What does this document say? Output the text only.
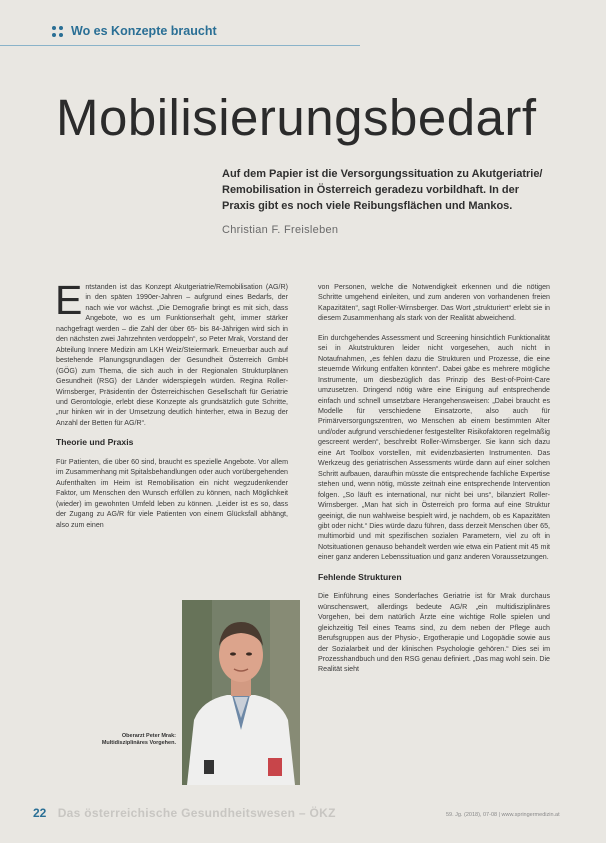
Wo es Konzepte braucht
Mobilisierungsbedarf
Auf dem Papier ist die Versorgungssituation zu Akutgeriatrie/ Remobilisation in Österreich geradezu vorbildhaft. In der Praxis gibt es noch viele Reibungsflächen und Mankos.
Christian F. Freisleben

Entstanden ist das Konzept Akutgeriatrie/Remobilisation (AG/R) in den späten 1990er-Jahren – aufgrund eines Bedarfs, der nach wie vor wächst. „Die Demografie bringt es mit sich, dass Angebote, wo es um Funktionserhalt geht, immer stärker nachgefragt werden – die Zahl der über 65- bis 84-Jährigen wird sich in den nächsten zwei Jahrzehnten verdoppeln“, so Peter Mrak, Vorstand der Abteilung Innere Medizin am LKH Weiz/Steiermark. Erneuerbar auch auf bestehende Planungsgrundlagen der Gesundheit Österreich GmbH (GÖG) zum Thema, die sich auch in der Regionalen Strukturplänen Gesundheit (RSG) der Länder widerspiegeln würden. Regina Roller-Wirnsberger, Präsidentin der Österreichischen Gesellschaft für Geriatrie und Gerontologie, erlebt diese Konzepte als grundsätzlich gute Schritte, „nur hinken wir in der Umsetzung deutlich hinterher, etwa in Bezug der Anzahl der Betten für AG/R“.

Theorie und Praxis

Für Patienten, die über 60 sind, braucht es spezielle Angebote. Vor allem im Zusammenhang mit Spitalsbehandlungen oder auch vorübergehenden Aufenthalten im Heim ist Remobilisation ein nicht wegzudenkender Faktor, um Menschen den Wunsch erfüllen zu können, nach Möglichkeit (wieder) im gewohnten Umfeld leben zu können. „Leider ist es so, dass der Zugang zu AG/R für viele Patienten von einem Glücksfall abhängt, also zum einen

Oberarzt Peter Mrak: Multidisziplinäres Vorgehen.

von Personen, welche die Notwendigkeit erkennen und die nötigen Schritte umgehend einleiten, und zum anderen von vorhandenen freien Kapazitäten“, sagt Roller-Wirnsberger. Das Wort „strukturiert“ erlebt sie in diesem Zusammenhang als stark von der Realität abweichend.

Ein durchgehendes Assessment und Screening hinsichtlich Funktionalität sei in Akutstrukturen leider nicht vorgesehen, auch nicht in Notaufnahmen, „es fehlen dazu die Strukturen und Prozesse, die eine steuernde Wirkung entfalten könnten“. Dabei gäbe es mehrere mögliche Instrumente, um diesbezüglich das Prinzip des Best-of-Point-Care umzusetzen. Dringend nötig wäre eine Einigung auf entsprechende einfach und schnell umsetzbare Herangehensweisen: „Dabei braucht es Modelle für verschiedene Einsatzorte, also auch für Primärversorgungszentren, wo Menschen ab einem bestimmten Alter und/oder aufgrund verschiedener festgestellter Risikofaktoren regelmäßig gescreent werden“, beschreibt Roller-Wirnsberger. Sie kann sich dazu eine Art Toolbox vorstellen, mit evidenzbasierten Instrumenten. Das Werkzeug des geriatrischen Assessments würde dann auf einer solchen Schritt aufbauen, daraufhin müsste die entsprechende fachliche Expertise stehen und, wenn nötig, müsste zeitnah eine entsprechende Intervention folgen. „So läuft es international, nur nicht bei uns“, bilanziert Roller-Wirnsberger. „Man hat sich in Österreich pro forma auf eine Struktur geeinigt, die nun wahlweise bespielt wird, je nachdem, ob es Kapazitäten gibt oder nicht.“ Dies würde dazu führen, dass derzeit Menschen über 65, multimorbid und mit spezifischen sozialen Parametern, viel zu oft in Notsituationen genauso behandelt werden wie etwa ein Patient mit 45 mit einer ganz anderen Lebenssituation und ganz anderen Voraussetzungen.

Fehlende Strukturen

Die Einführung eines Sonderfaches Geriatrie ist für Mrak durchaus wünschenswert, allerdings bedeute AG/R „ein multidisziplinäres Vorgehen, bei dem natürlich Ärzte eine wichtige Rolle spielen und gleichzeitig Teil eines Teams sind, zu dem neben der Pflege auch Berufsgruppen aus der Physio-, Ergotherapie und Logopädie sowie aus der Sozialarbeit und der klinischen Psychologie gehören.“ Dies sei im Prozesshandbuch und den RSG genau definiert. „Das mag wohl sein. Die Realität sieht

22 Das österreichische Gesundheitswesen – ÖKZ	59. Jg. (2018), 07-08 | www.springermedizin.at
